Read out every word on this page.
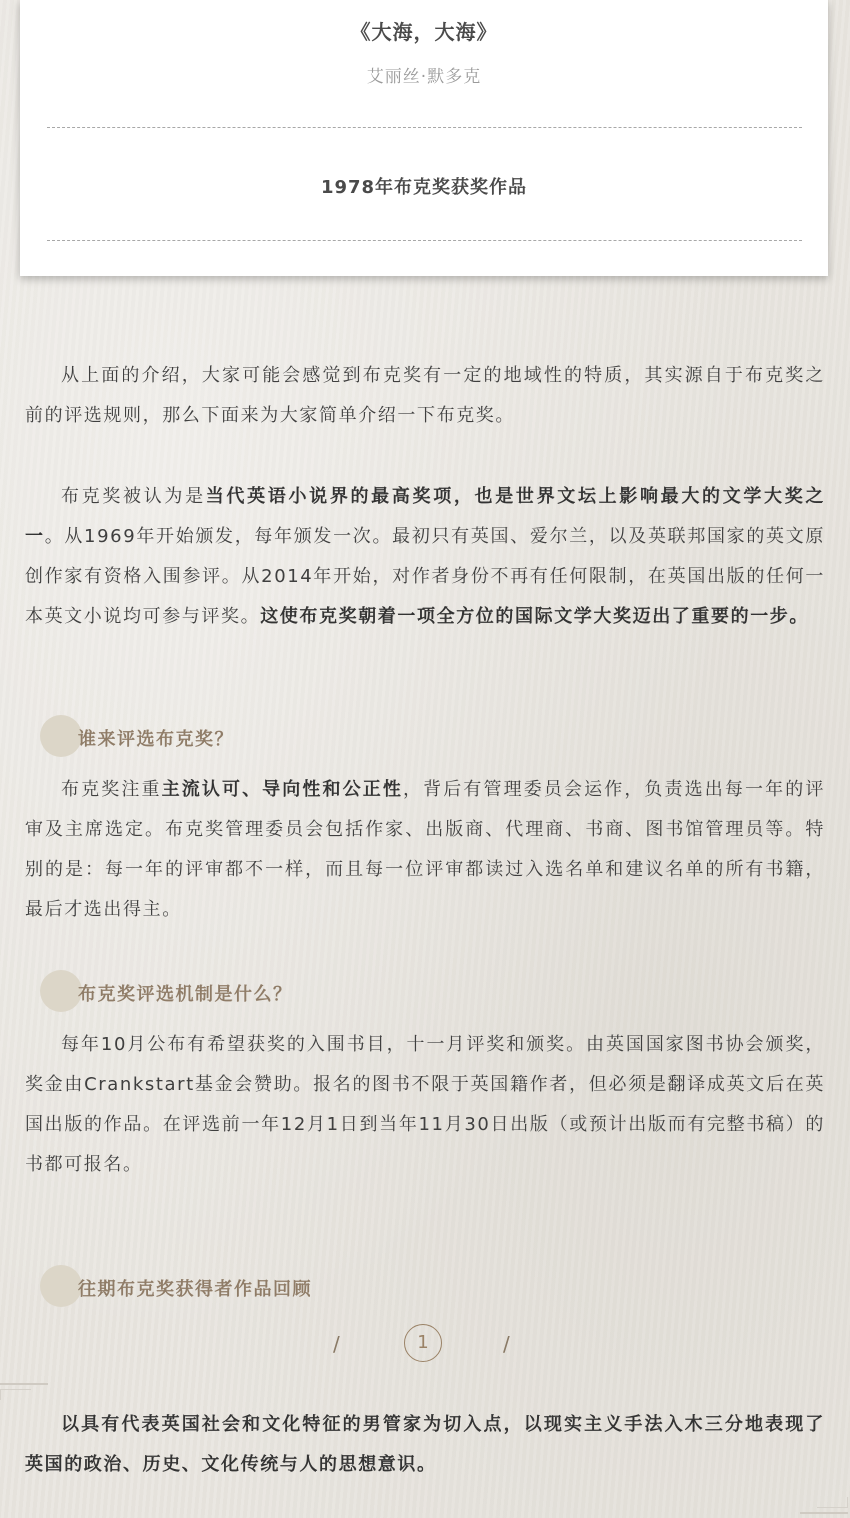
《大海，大海》
艾丽丝·默多克
1978年布克奖获奖作品

从上面的介绍，大家可能会感觉到布克奖有一定的地域性的特质，其实源自于布克奖之前的评选规则，那么下面来为大家简单介绍一下布克奖。

布克奖被认为是当代英语小说界的最高奖项，也是世界文坛上影响最大的文学大奖之一。从1969年开始颁发，每年颁发一次。最初只有英国、爱尔兰，以及英联邦国家的英文原创作家有资格入围参评。从2014年开始，对作者身份不再有任何限制，在英国出版的任何一本英文小说均可参与评奖。这使布克奖朝着一项全方位的国际文学大奖迈出了重要的一步。

谁来评选布克奖？

布克奖注重主流认可、导向性和公正性，背后有管理委员会运作，负责选出每一年的评审及主席选定。布克奖管理委员会包括作家、出版商、代理商、书商、图书馆管理员等。特别的是：每一年的评审都不一样，而且每一位评审都读过入选名单和建议名单的所有书籍，最后才选出得主。

布克奖评选机制是什么？

每年10月公布有希望获奖的入围书目，十一月评奖和颁奖。由英国国家图书协会颁奖，奖金由Crankstart基金会赞助。报名的图书不限于英国籍作者，但必须是翻译成英文后在英国出版的作品。在评选前一年12月1日到当年11月30日出版（或预计出版而有完整书稿）的书都可报名。

往期布克奖获得者作品回顾
/	1	/

以具有代表英国社会和文化特征的男管家为切入点，以现实主义手法入木三分地表现了英国的政治、历史、文化传统与人的思想意识。
